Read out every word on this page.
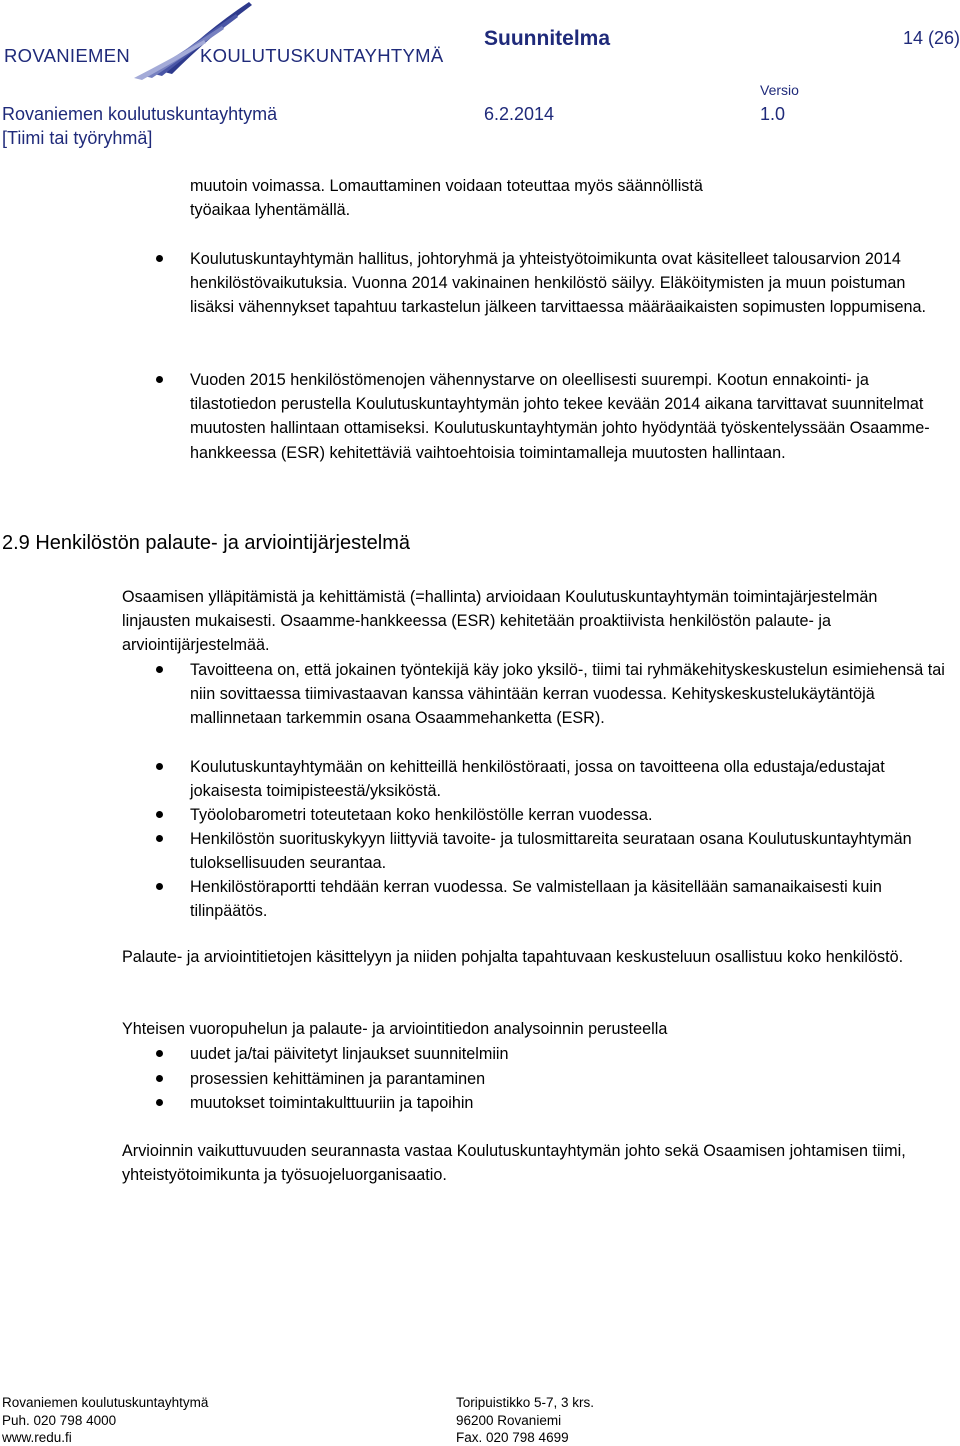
ROVANIEMEN	KOULUTUSKUNTAYHTYMÄ
Suunnitelma	14 (26)
Rovaniemen koulutuskuntayhtymä	6.2.2014
Versio
1.0
[Tiimi tai työryhmä]

muutoin voimassa. Lomauttaminen voidaan toteuttaa myös säännöllistä työaikaa lyhentämällä.

Koulutuskuntayhtymän hallitus, johtoryhmä ja yhteistyötoimikunta ovat käsitelleet talousarvion 2014 henkilöstövaikutuksia. Vuonna 2014 vakinainen henkilöstö säilyy. Eläköitymisten ja muun poistuman lisäksi vähennykset tapahtuu tarkastelun jälkeen tarvittaessa määräaikaisten sopimusten loppumisena.

Vuoden 2015 henkilöstömenojen vähennystarve on oleellisesti suurempi. Kootun ennakointi- ja tilastotiedon perustella Koulutuskuntayhtymän johto tekee kevään 2014 aikana tarvittavat suunnitelmat muutosten hallintaan ottamiseksi. Koulutuskuntayhtymän johto hyödyntää työskentelyssään Osaamme-hankkeessa (ESR) kehitettäviä vaihtoehtoisia toimintamalleja muutosten hallintaan.

2.9 Henkilöstön palaute- ja arviointijärjestelmä

Osaamisen ylläpitämistä ja kehittämistä (=hallinta) arvioidaan Koulutuskuntayhtymän toimintajärjestelmän linjausten mukaisesti. Osaamme-hankkeessa (ESR) kehitetään proaktiivista henkilöstön palaute- ja arviointijärjestelmää.

Tavoitteena on, että jokainen työntekijä käy joko yksilö-, tiimi tai ryhmäkehityskeskustelun esimiehensä tai niin sovittaessa tiimivastaavan kanssa vähintään kerran vuodessa. Kehityskeskustelukäytäntöjä mallinnetaan tarkemmin osana Osaammehanketta (ESR).

Koulutuskuntayhtymään on kehitteillä henkilöstöraati, jossa on tavoitteena olla edustaja/edustajat jokaisesta toimipisteestä/yksiköstä.

Työolobarometri toteutetaan koko henkilöstölle kerran vuodessa.

Henkilöstön suorituskykyyn liittyviä tavoite- ja tulosmittareita seurataan osana Koulutuskuntayhtymän tuloksellisuuden seurantaa.

Henkilöstöraportti tehdään kerran vuodessa. Se valmistellaan ja käsitellään samanaikaisesti kuin tilinpäätös.

Palaute- ja arviointitietojen käsittelyyn ja niiden pohjalta tapahtuvaan keskusteluun osallistuu koko henkilöstö.

Yhteisen vuoropuhelun ja palaute- ja arviointitiedon analysoinnin perusteella

uudet ja/tai päivitetyt linjaukset suunnitelmiin

prosessien kehittäminen ja parantaminen

muutokset toimintakulttuuriin ja tapoihin

Arvioinnin vaikuttuvuuden seurannasta vastaa Koulutuskuntayhtymän johto sekä Osaamisen johtamisen tiimi, yhteistyötoimikunta ja työsuojeluorganisaatio.

Rovaniemen koulutuskuntayhtymä
Puh. 020 798 4000
www.redu.fi
Toripuistikko 5-7, 3 krs.
96200 Rovaniemi
Fax. 020 798 4699
